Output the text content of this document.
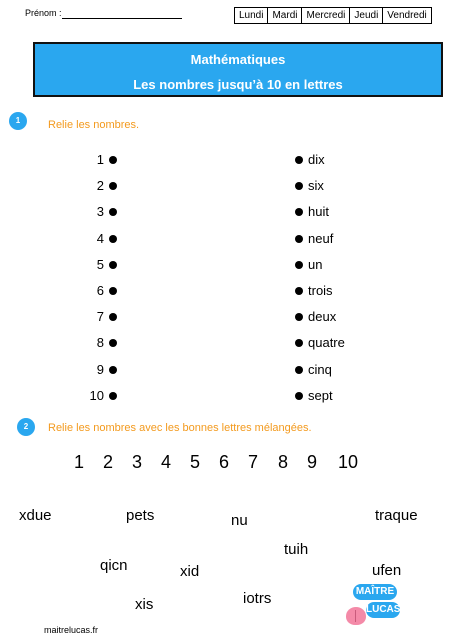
Prénom :	Lundi	Mardi	Mercredi	Jeudi	Vendredi
Mathématiques
Les nombres jusqu’à 10 en lettres
1	Relie les nombres.
1	dix
2	six
3	huit
4	neuf
5	un
6	trois
7	deux
8	quatre
9	cinq
10	sept
2	Relie les nombres avec les bonnes lettres mélangées.
1 2 3 4 5 6 7 8 9 10
xdue	pets	nu	traque
tuih
qicn	xid	ufen
iotrs
xis
maitrelucas.fr
MAÎTRE
LUCAS
